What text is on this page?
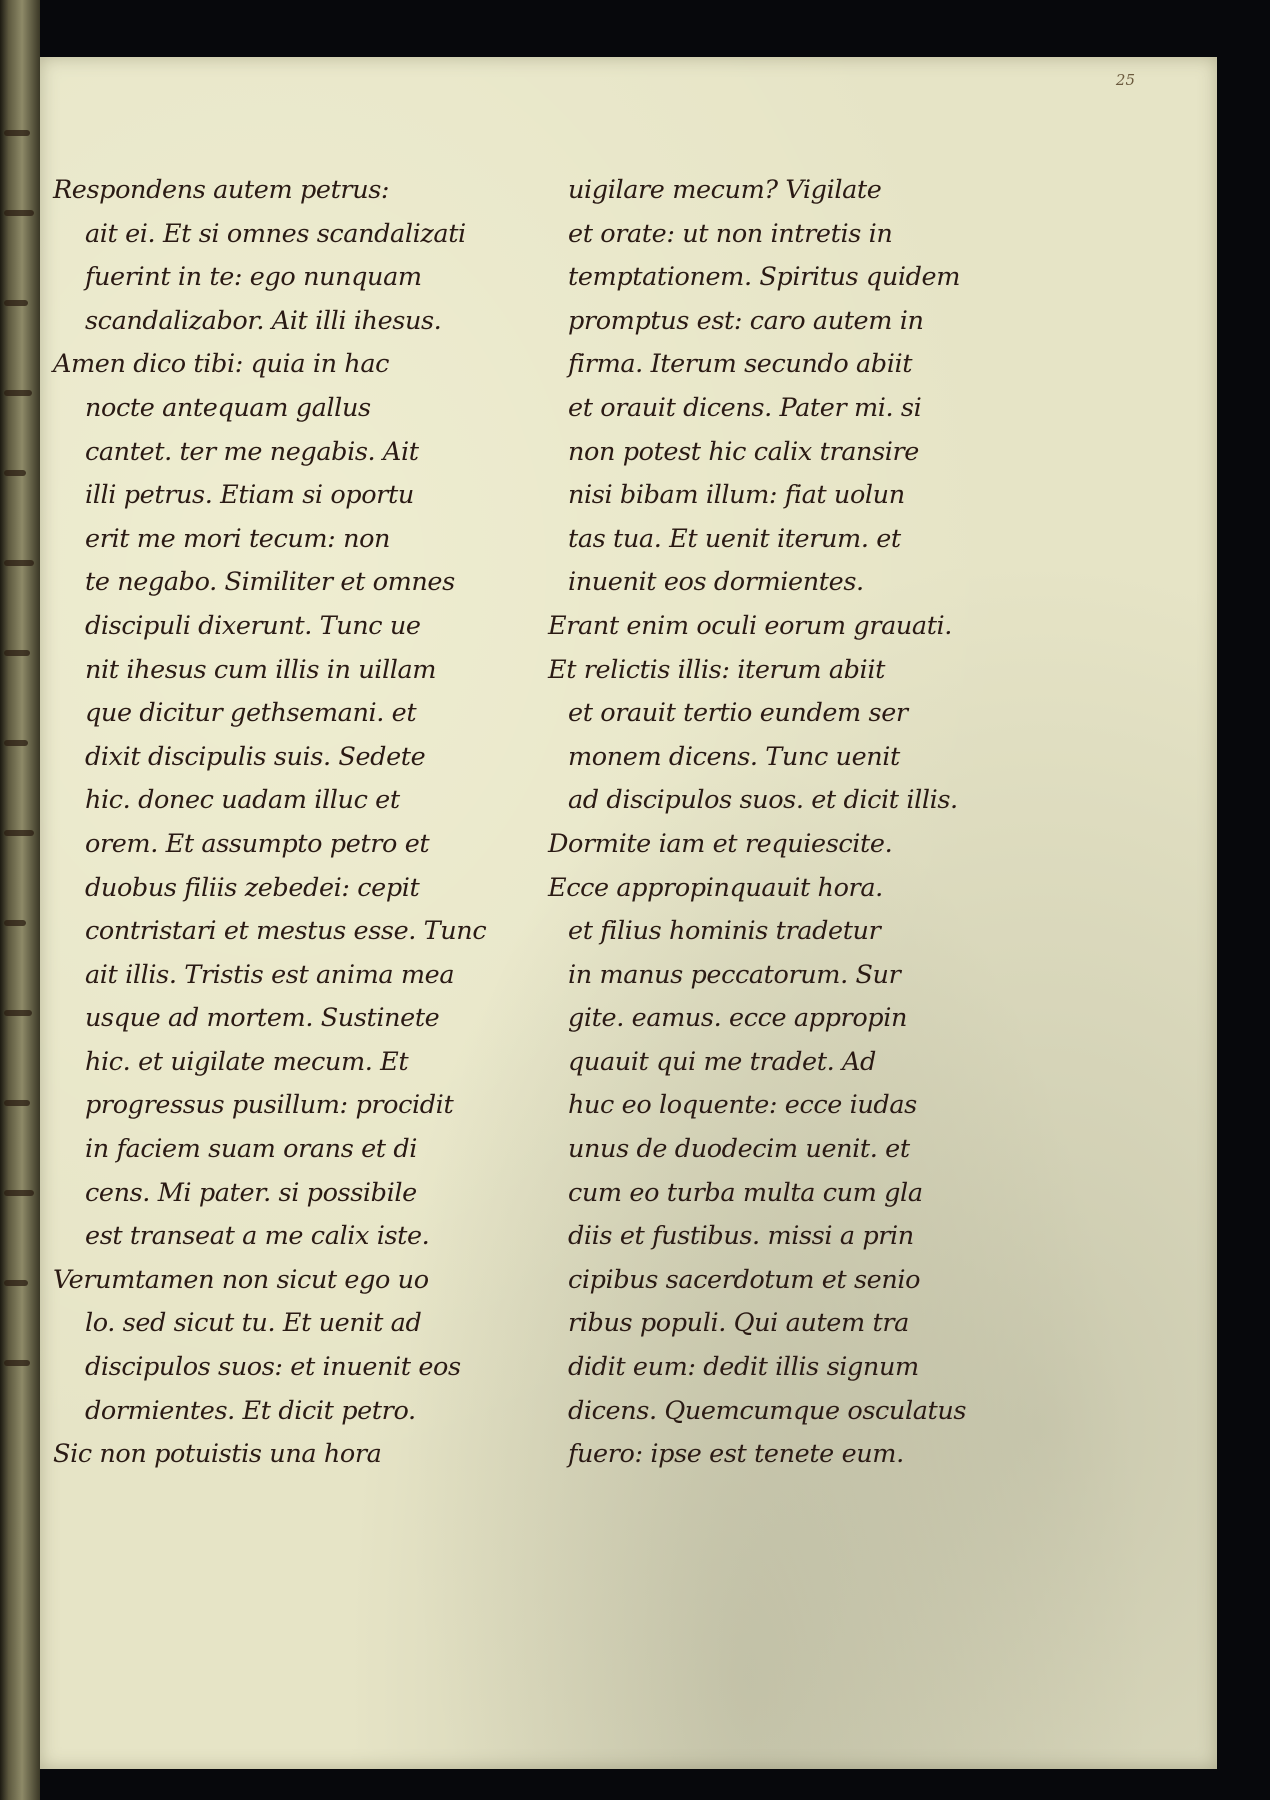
25
Respondens autem petrus:
ait ei. Et si omnes scandalizati
fuerint in te: ego nunquam
scandalizabor. Ait illi ihesus.
Amen dico tibi: quia in hac
nocte antequam gallus
cantet. ter me negabis. Ait
illi petrus. Etiam si oportu
erit me mori tecum: non
te negabo. Similiter et omnes
discipuli dixerunt. Tunc ue
nit ihesus cum illis in uillam
que dicitur gethsemani. et
dixit discipulis suis. Sedete
hic. donec uadam illuc et
orem. Et assumpto petro et
duobus filiis zebedei: cepit
contristari et mestus esse. Tunc
ait illis. Tristis est anima mea
usque ad mortem. Sustinete
hic. et uigilate mecum. Et
progressus pusillum: procidit
in faciem suam orans et di
cens. Mi pater. si possibile
est transeat a me calix iste.
Verumtamen non sicut ego uo
lo. sed sicut tu. Et uenit ad
discipulos suos: et inuenit eos
dormientes. Et dicit petro.
Sic non potuistis una hora
uigilare mecum? Vigilate
et orate: ut non intretis in
temptationem. Spiritus quidem
promptus est: caro autem in
firma. Iterum secundo abiit
et orauit dicens. Pater mi. si
non potest hic calix transire
nisi bibam illum: fiat uolun
tas tua. Et uenit iterum. et
inuenit eos dormientes.
Erant enim oculi eorum grauati.
Et relictis illis: iterum abiit
et orauit tertio eundem ser
monem dicens. Tunc uenit
ad discipulos suos. et dicit illis.
Dormite iam et requiescite.
Ecce appropinquauit hora.
et filius hominis tradetur
in manus peccatorum. Sur
gite. eamus. ecce appropin
quauit qui me tradet. Ad
huc eo loquente: ecce iudas
unus de duodecim uenit. et
cum eo turba multa cum gla
diis et fustibus. missi a prin
cipibus sacerdotum et senio
ribus populi. Qui autem tra
didit eum: dedit illis signum
dicens. Quemcumque osculatus
fuero: ipse est tenete eum.
